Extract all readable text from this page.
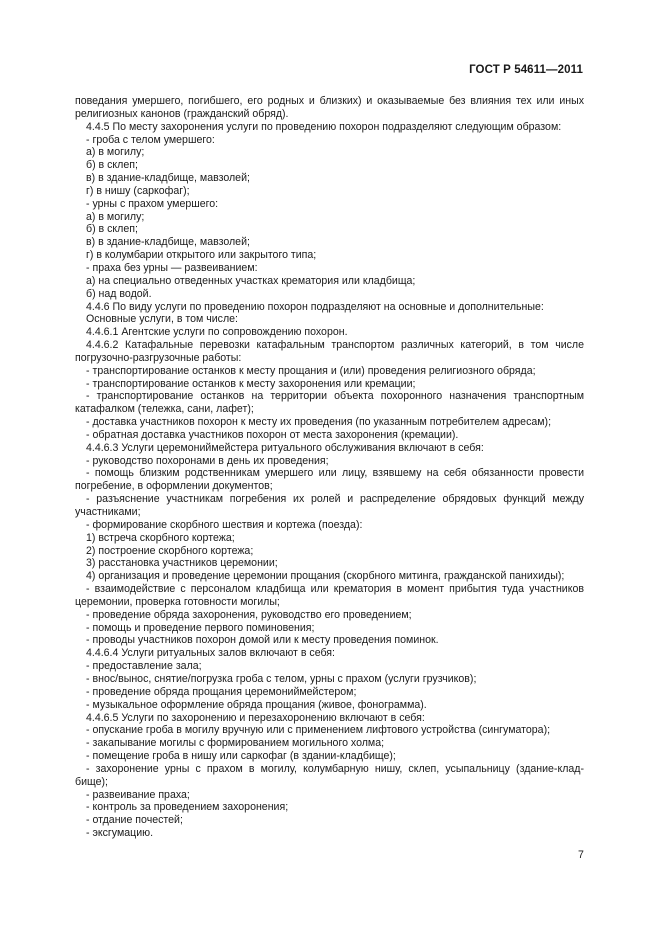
ГОСТ Р 54611—2011
поведания умершего, погибшего, его родных и близких) и оказываемые без влияния тех или иных
религиозных канонов (гражданский обряд).
4.4.5 По месту захоронения услуги по проведению похорон подразделяют следующим образом:
- гроба с телом умершего:
а) в могилу;
б) в склеп;
в) в здание-кладбище, мавзолей;
г) в нишу (саркофаг);
- урны с прахом умершего:
а) в могилу;
б) в склеп;
в) в здание-кладбище, мавзолей;
г) в колумбарии открытого или закрытого типа;
- праха без урны — развеиванием:
а) на специально отведенных участках крематория или кладбища;
б) над водой.
4.4.6 По виду услуги по проведению похорон подразделяют на основные и дополнительные:
Основные услуги, в том числе:
4.4.6.1 Агентские услуги по сопровождению похорон.
4.4.6.2 Катафальные перевозки катафальным транспортом различных категорий, в том числе
погрузочно-разгрузочные работы:
- транспортирование останков к месту прощания и (или) проведения религиозного обряда;
- транспортирование останков к месту захоронения или кремации;
- транспортирование останков на территории объекта похоронного назначения транспортным
катафалком (тележка, сани, лафет);
- доставка участников похорон к месту их проведения (по указанным потребителем адресам);
- обратная доставка участников похорон от места захоронения (кремации).
4.4.6.3 Услуги церемониймейстера ритуального обслуживания включают в себя:
- руководство похоронами в день их проведения;
- помощь близким родственникам умершего или лицу, взявшему на себя обязанности провести
погребение, в оформлении документов;
- разъяснение участникам погребения их ролей и распределение обрядовых функций между
участниками;
- формирование скорбного шествия и кортежа (поезда):
1) встреча скорбного кортежа;
2) построение скорбного кортежа;
3) расстановка участников церемонии;
4) организация и проведение церемонии прощания (скорбного митинга, гражданской панихиды);
- взаимодействие с персоналом кладбища или крематория в момент прибытия туда участников
церемонии, проверка готовности могилы;
- проведение обряда захоронения, руководство его проведением;
- помощь и проведение первого поминовения;
- проводы участников похорон домой или к месту проведения поминок.
4.4.6.4 Услуги ритуальных залов включают в себя:
- предоставление зала;
- внос/вынос, снятие/погрузка гроба с телом, урны с прахом (услуги грузчиков);
- проведение обряда прощания церемониймейстером;
- музыкальное оформление обряда прощания (живое, фонограмма).
4.4.6.5 Услуги по захоронению и перезахоронению включают в себя:
- опускание гроба в могилу вручную или с применением лифтового устройства (сингуматора);
- закапывание могилы с формированием могильного холма;
- помещение гроба в нишу или саркофаг (в здании-кладбище);
- захоронение урны с прахом в могилу, колумбарную нишу, склеп, усыпальницу (здание-клад-
бище);
- развеивание праха;
- контроль за проведением захоронения;
- отдание почестей;
- эксгумацию.
7
